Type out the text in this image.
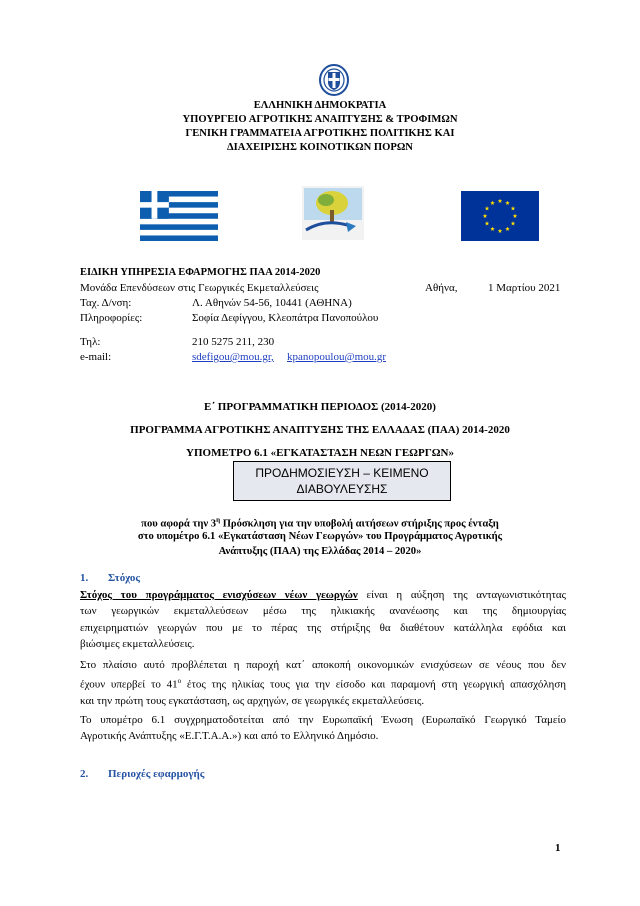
ΕΛΛΗΝΙΚΗ ΔΗΜΟΚΡΑΤΙΑ
ΥΠΟΥΡΓΕΙΟ ΑΓΡΟΤΙΚΗΣ ΑΝΑΠΤΥΞΗΣ & ΤΡΟΦΙΜΩΝ
ΓΕΝΙΚΗ ΓΡΑΜΜΑΤΕΙΑ ΑΓΡΟΤΙΚΗΣ ΠΟΛΙΤΙΚΗΣ ΚΑΙ
ΔΙΑΧΕΙΡΙΣΗΣ ΚΟΙΝΟΤΙΚΩΝ ΠΟΡΩΝ
ΕΙΔΙΚΗ ΥΠΗΡΕΣΙΑ ΕΦΑΡΜΟΓΗΣ ΠΑΑ 2014-2020
Μονάδα Επενδύσεων στις Γεωργικές Εκμεταλλεύσεις	Αθήνα,	1 Μαρτίου 2021
Ταχ. Δ/νση:	Λ. Αθηνών 54-56, 10441 (ΑΘΗΝΑ)
Πληροφορίες:	Σοφία Δεφίγγου, Κλεοπάτρα Πανοπούλου
Τηλ:	210 5275 211, 230
e-mail:	sdefigou@mou.gr, kpanopoulou@mou.gr
Ε΄ ΠΡΟΓΡΑΜΜΑΤΙΚΗ ΠΕΡΙΟΔΟΣ (2014-2020)
ΠΡΟΓΡΑΜΜΑ ΑΓΡΟΤΙΚΗΣ ΑΝΑΠΤΥΞΗΣ ΤΗΣ ΕΛΛΑΔΑΣ (ΠΑΑ) 2014-2020
ΥΠΟΜΕΤΡΟ 6.1 «ΕΓΚΑΤΑΣΤΑΣΗ ΝΕΩΝ ΓΕΩΡΓΩΝ»
ΠΡΟΔΗΜΟΣΙΕΥΣΗ – ΚΕΙΜΕΝΟ
ΔΙΑΒΟΥΛΕΥΣΗΣ
που αφορά την $3^\eta$ Πρόσκληση για την υποβολή αιτήσεων στήριξης προς ένταξη
στο υπομέτρο 6.1 «Εγκατάσταση Νέων Γεωργών» του Προγράμματος Αγροτικής
Ανάπτυξης (ΠΑΑ) της Ελλάδας 2014 – 2020»
1. Στόχος
Στόχος του προγράμματος ενισχύσεων νέων γεωργών είναι η αύξηση της ανταγωνιστικότητας
των γεωργικών εκμεταλλεύσεων μέσω της ηλικιακής ανανέωσης και της δημιουργίας
επιχειρηματιών γεωργών που με το πέρας της στήριξης θα διαθέτουν κατάλληλα εφόδια και
βιώσιμες εκμεταλλεύσεις.
Στο πλαίσιο αυτό προβλέπεται η παροχή κατ΄ αποκοπή οικονομικών ενισχύσεων σε νέους που δεν
έχουν υπερβεί το $41^o$ έτος της ηλικίας τους για την είσοδο και παραμονή στη γεωργική απασχόληση
και την πρώτη τους εγκατάσταση, ως αρχηγών, σε γεωργικές εκμεταλλεύσεις.
Το υπομέτρο 6.1 συγχρηματοδοτείται από την Ευρωπαϊκή Ένωση (Ευρωπαϊκό Γεωργικό Ταμείο
Αγροτικής Ανάπτυξης «Ε.Γ.Τ.Α.Α.») και από το Ελληνικό Δημόσιο.
2. Περιοχές εφαρμογής
1
